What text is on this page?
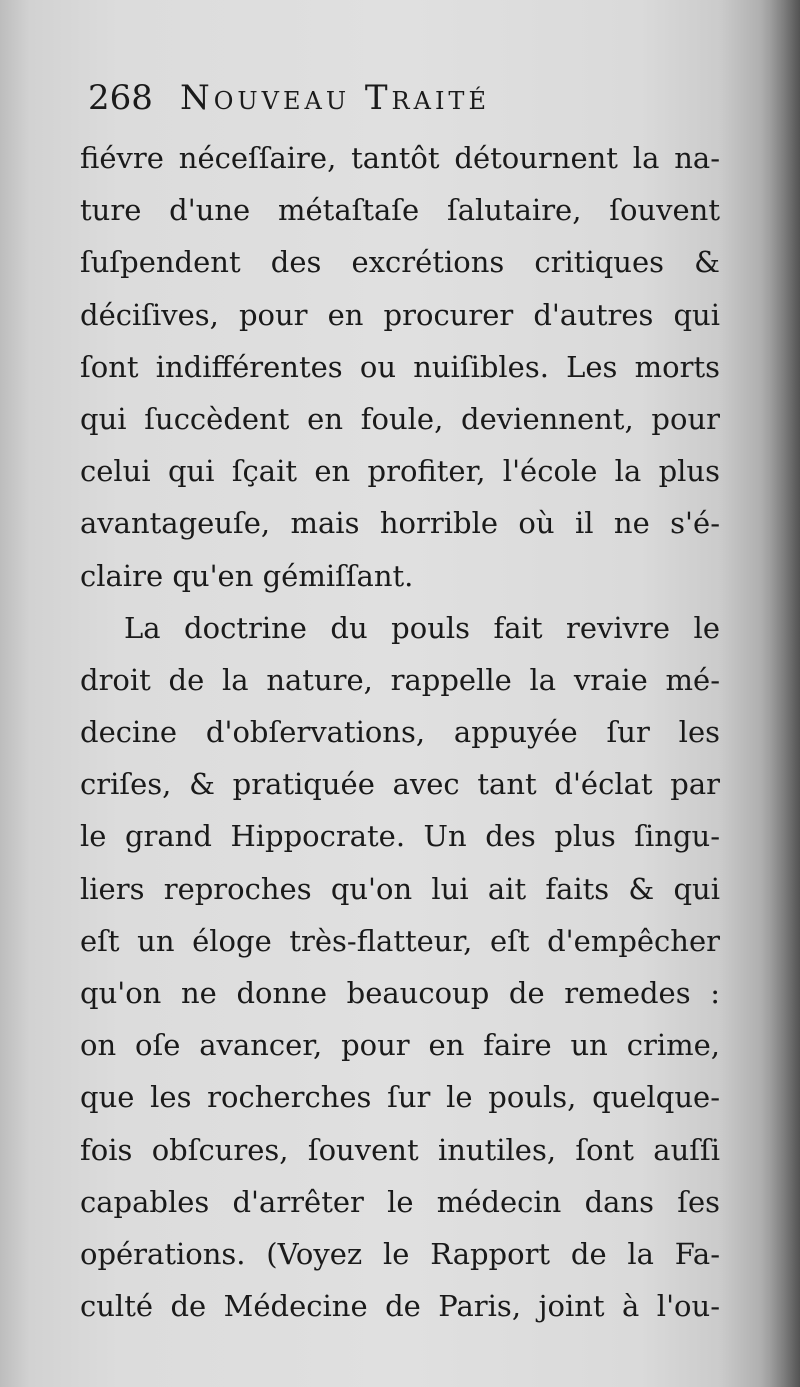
268 Nouveau Traité
fiévre néceſſaire, tantôt détournent la na-
ture d'une métaſtaſe ſalutaire, ſouvent
ſuſpendent des excrétions critiques &
déciſives, pour en procurer d'autres qui
ſont indifférentes ou nuiſibles. Les morts
qui ſuccèdent en foule, deviennent, pour
celui qui ſçait en profiter, l'école la plus
avantageuſe, mais horrible où il ne s'é-
claire qu'en gémiſſant.
La doctrine du pouls fait revivre le
droit de la nature, rappelle la vraie mé-
decine d'obſervations, appuyée ſur les
criſes, & pratiquée avec tant d'éclat par
le grand Hippocrate. Un des plus ſingu-
liers reproches qu'on lui ait faits & qui
eſt un éloge très-flatteur, eſt d'empêcher
qu'on ne donne beaucoup de remedes :
on oſe avancer, pour en faire un crime,
que les rocherches ſur le pouls, quelque-
fois obſcures, ſouvent inutiles, ſont auſſi
capables d'arrêter le médecin dans ſes
opérations. (Voyez le Rapport de la Fa-
culté de Médecine de Paris, joint à l'ou-
